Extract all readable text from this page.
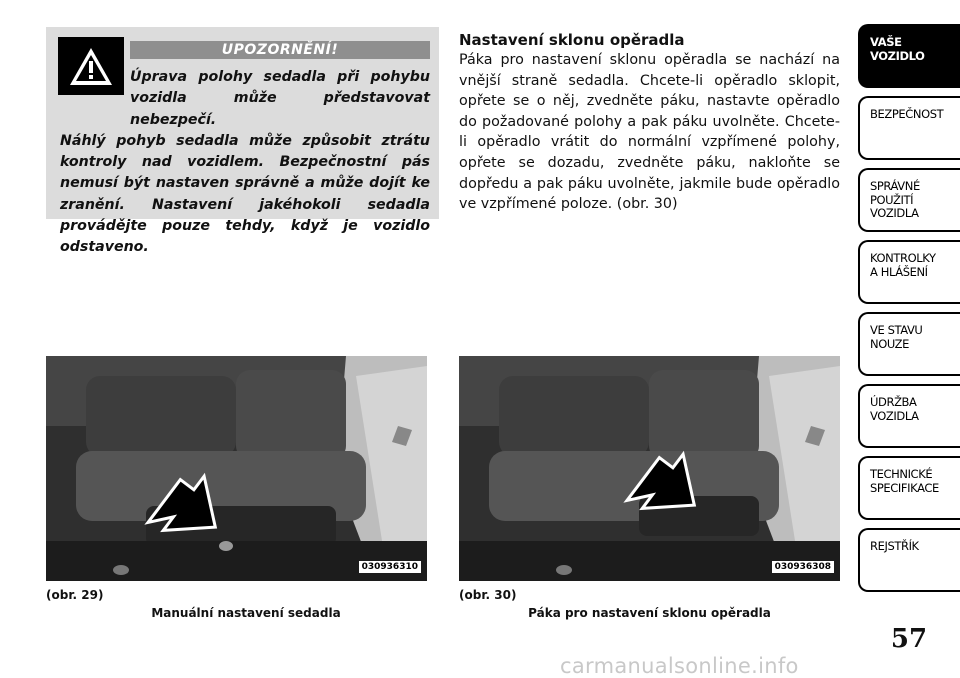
UPOZORNĚNÍ!
Úprava polohy sedadla při pohybu vozidla může představovat nebezpečí.
Náhlý pohyb sedadla může způsobit ztrátu kontroly nad vozidlem. Bezpečnostní pás nemusí být nastaven správně a může dojít ke zranění. Nastavení jakéhokoli sedadla provádějte pouze tehdy, když je vozidlo odstaveno.
Nastavení sklonu opěradla

Páka pro nastavení sklonu opěradla se nachází na vnější straně sedadla. Chcete-li opěradlo sklopit, opřete se o něj, zvedněte páku, nastavte opěradlo do požadované polohy a pak páku uvolněte. Chcete-li opěradlo vrátit do normální vzpřímené polohy, opřete se dozadu, zvedněte páku, nakloňte se dopředu a pak páku uvolněte, jakmile bude opěradlo ve vzpřímené poloze. (obr. 30)

030936310
(obr. 29)
Manuální nastavení sedadla
030936308
(obr. 30)
Páka pro nastavení sklonu opěradla
VAŠE
VOZIDLO
BEZPEČNOST
SPRÁVNÉ
POUŽITÍ
VOZIDLA
KONTROLKY
A HLÁŠENÍ
VE STAVU
NOUZE
ÚDRŽBA
VOZIDLA
TECHNICKÉ
SPECIFIKACE
REJSTŘÍK
57
carmanualsonline.info
